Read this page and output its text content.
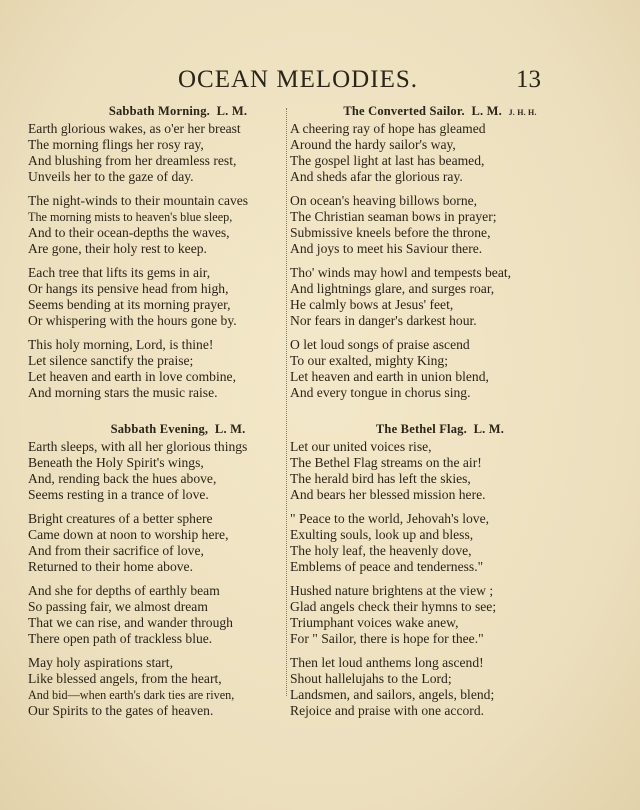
OCEAN MELODIES.	13
Sabbath Morning. L. M.
Earth glorious wakes, as o'er her breast
The morning flings her rosy ray,
And blushing from her dreamless rest,
Unveils her to the gaze of day.
The night-winds to their mountain caves
The morning mists to heaven's blue sleep,
And to their ocean-depths the waves,
Are gone, their holy rest to keep.
Each tree that lifts its gems in air,
Or hangs its pensive head from high,
Seems bending at its morning prayer,
Or whispering with the hours gone by.
This holy morning, Lord, is thine!
Let silence sanctify the praise;
Let heaven and earth in love combine,
And morning stars the music raise.
Sabbath Evening, L. M.
Earth sleeps, with all her glorious things
Beneath the Holy Spirit's wings,
And, rending back the hues above,
Seems resting in a trance of love.
Bright creatures of a better sphere
Came down at noon to worship here,
And from their sacrifice of love,
Returned to their home above.
And she for depths of earthly beam
So passing fair, we almost dream
That we can rise, and wander through
There open path of trackless blue.
May holy aspirations start,
Like blessed angels, from the heart,
And bid—when earth's dark ties are riven,
Our Spirits to the gates of heaven.
The Converted Sailor. L. M. J. H. H.
A cheering ray of hope has gleamed
Around the hardy sailor's way,
The gospel light at last has beamed,
And sheds afar the glorious ray.
On ocean's heaving billows borne,
The Christian seaman bows in prayer;
Submissive kneels before the throne,
And joys to meet his Saviour there.
Tho' winds may howl and tempests beat,
And lightnings glare, and surges roar,
He calmly bows at Jesus' feet,
Nor fears in danger's darkest hour.
O let loud songs of praise ascend
To our exalted, mighty King;
Let heaven and earth in union blend,
And every tongue in chorus sing.
The Bethel Flag. L. M.
Let our united voices rise,
The Bethel Flag streams on the air!
The herald bird has left the skies,
And bears her blessed mission here.
" Peace to the world, Jehovah's love,
Exulting souls, look up and bless,
The holy leaf, the heavenly dove,
Emblems of peace and tenderness."
Hushed nature brightens at the view ;
Glad angels check their hymns to see;
Triumphant voices wake anew,
For " Sailor, there is hope for thee."
Then let loud anthems long ascend!
Shout hallelujahs to the Lord;
Landsmen, and sailors, angels, blend;
Rejoice and praise with one accord.
